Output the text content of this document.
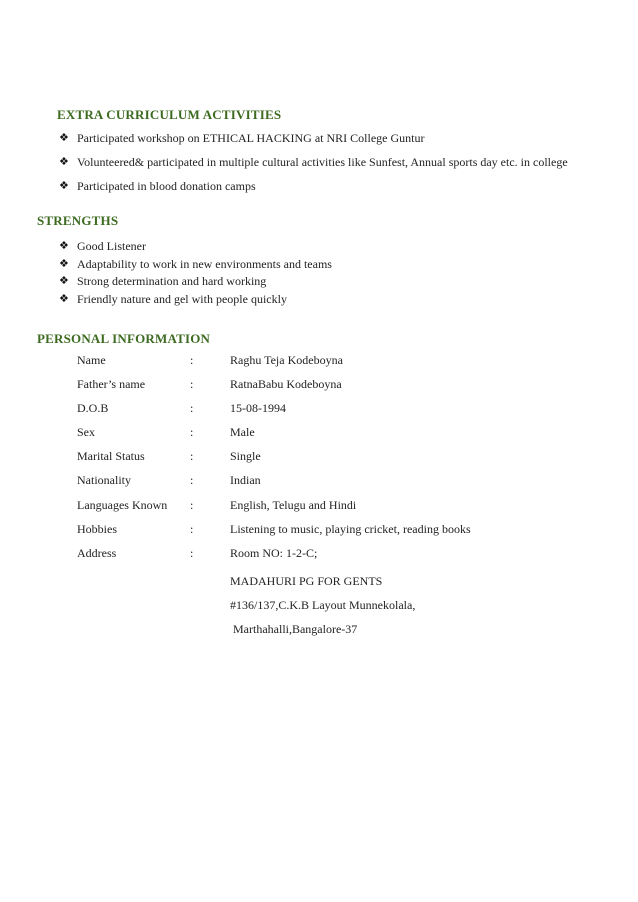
EXTRA CURRICULUM ACTIVITIES
❖ Participated workshop on ETHICAL HACKING at NRI College Guntur
❖ Volunteered& participated in multiple cultural activities like Sunfest, Annual sports day etc. in college
❖ Participated in blood donation camps
STRENGTHS
❖ Good Listener
❖ Adaptability to work in new environments and teams
❖ Strong determination and hard working
❖ Friendly nature and gel with people quickly
PERSONAL INFORMATION
Name	:	Raghu Teja Kodeboyna
Father’s name	:	RatnaBabu Kodeboyna
D.O.B	:	15-08-1994
Sex	:	Male
Marital Status	:	Single
Nationality	:	Indian
Languages Known :	English, Telugu and Hindi
Hobbies	:	Listening to music, playing cricket, reading books
Address	:	Room NO: 1-2-C;
MADAHURI PG FOR GENTS
#136/137,C.K.B Layout Munnekolala,
Marthahalli,Bangalore-37
